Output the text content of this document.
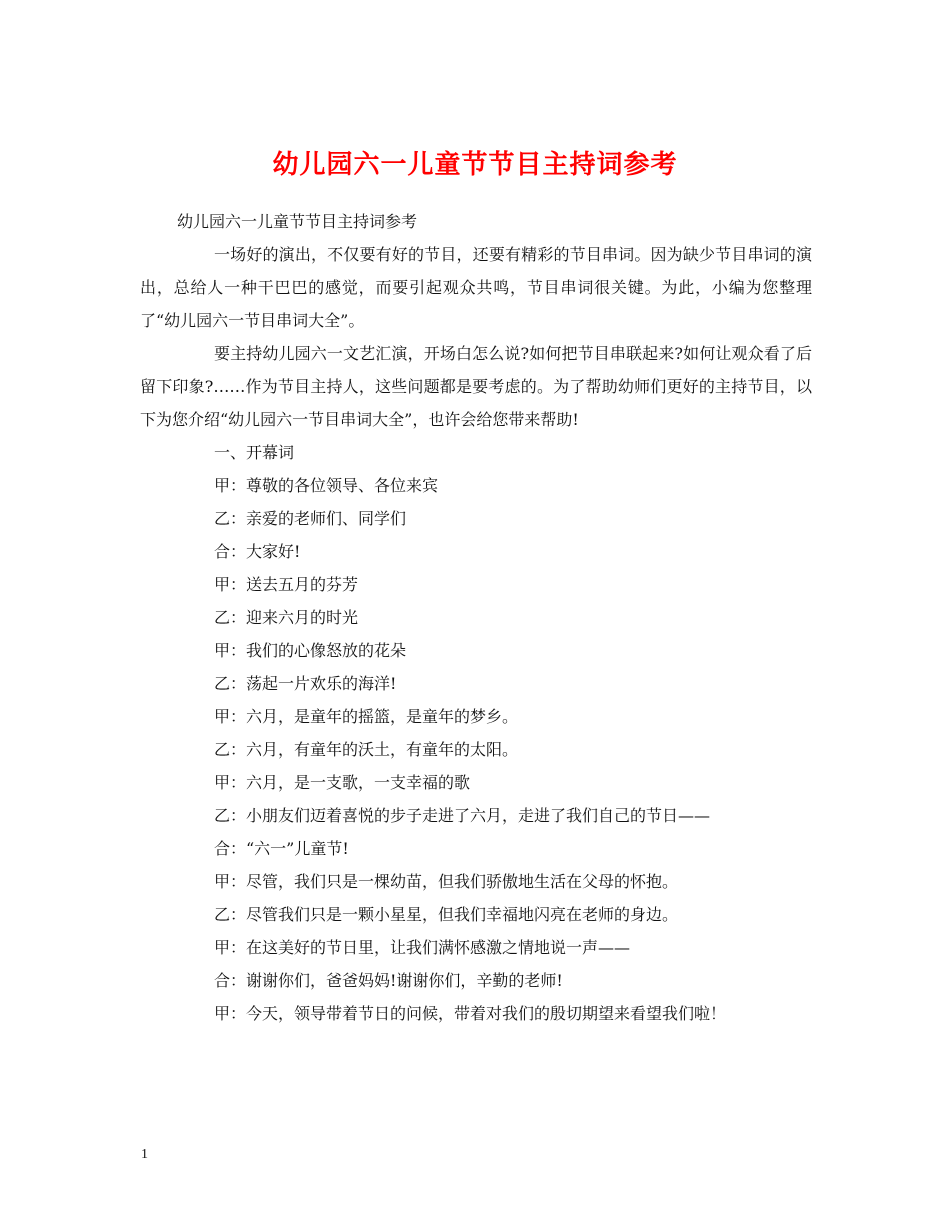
幼儿园六一儿童节节目主持词参考

幼儿园六一儿童节节目主持词参考

一场好的演出，不仅要有好的节目，还要有精彩的节目串词。因为缺少节目串词的演出，总给人一种干巴巴的感觉，而要引起观众共鸣，节目串词很关键。为此，小编为您整理了“幼儿园六一节目串词大全”。

要主持幼儿园六一文艺汇演，开场白怎么说?如何把节目串联起来?如何让观众看了后留下印象?……作为节目主持人，这些问题都是要考虑的。为了帮助幼师们更好的主持节目，以下为您介绍“幼儿园六一节目串词大全”，也许会给您带来帮助!

一、开幕词

甲：尊敬的各位领导、各位来宾

乙：亲爱的老师们、同学们

合：大家好!

甲：送去五月的芬芳

乙：迎来六月的时光

甲：我们的心像怒放的花朵

乙：荡起一片欢乐的海洋!

甲：六月，是童年的摇篮，是童年的梦乡。

乙：六月，有童年的沃土，有童年的太阳。

甲：六月，是一支歌，一支幸福的歌

乙：小朋友们迈着喜悦的步子走进了六月，走进了我们自己的节日——

合：“六一”儿童节!

甲：尽管，我们只是一棵幼苗，但我们骄傲地生活在父母的怀抱。

乙：尽管我们只是一颗小星星，但我们幸福地闪亮在老师的身边。

甲：在这美好的节日里，让我们满怀感激之情地说一声——

合：谢谢你们，爸爸妈妈!谢谢你们，辛勤的老师!

甲：今天，领导带着节日的问候，带着对我们的殷切期望来看望我们啦！

1
